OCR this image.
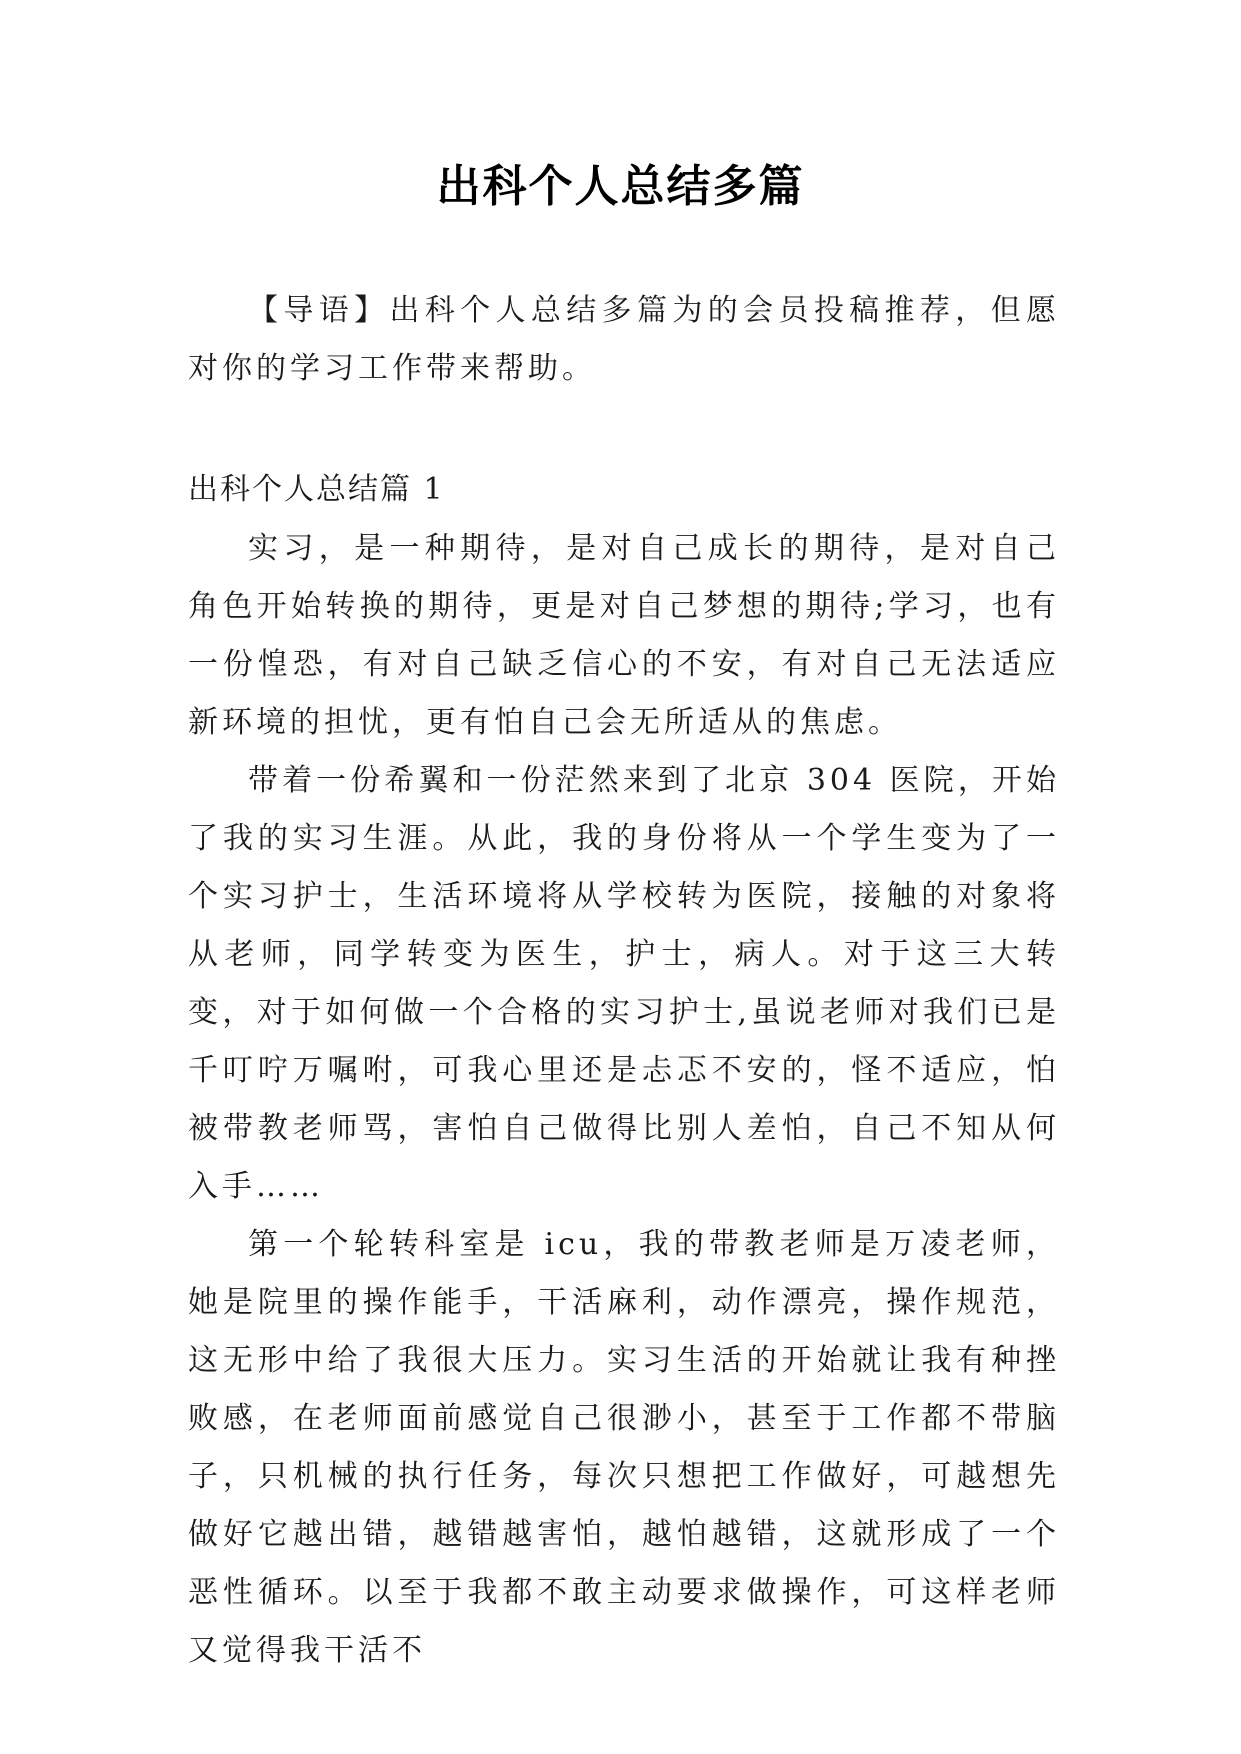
出科个人总结多篇

【导语】出科个人总结多篇为的会员投稿推荐，但愿对你的学习工作带来帮助。

出科个人总结篇 1

实习，是一种期待，是对自己成长的期待，是对自己角色开始转换的期待，更是对自己梦想的期待;学习，也有一份惶恐，有对自己缺乏信心的不安，有对自己无法适应新环境的担忧，更有怕自己会无所适从的焦虑。

带着一份希翼和一份茫然来到了北京 304 医院，开始了我的实习生涯。从此，我的身份将从一个学生变为了一个实习护士，生活环境将从学校转为医院，接触的对象将从老师，同学转变为医生，护士，病人。对于这三大转变，对于如何做一个合格的实习护士,虽说老师对我们已是千叮咛万嘱咐，可我心里还是忐忑不安的，怪不适应，怕被带教老师骂，害怕自己做得比别人差怕，自己不知从何入手……

第一个轮转科室是 icu，我的带教老师是万凌老师，她是院里的操作能手，干活麻利，动作漂亮，操作规范，这无形中给了我很大压力。实习生活的开始就让我有种挫败感，在老师面前感觉自己很渺小，甚至于工作都不带脑子，只机械的执行任务，每次只想把工作做好，可越想先做好它越出错，越错越害怕，越怕越错，这就形成了一个恶性循环。以至于我都不敢主动要求做操作，可这样老师又觉得我干活不
